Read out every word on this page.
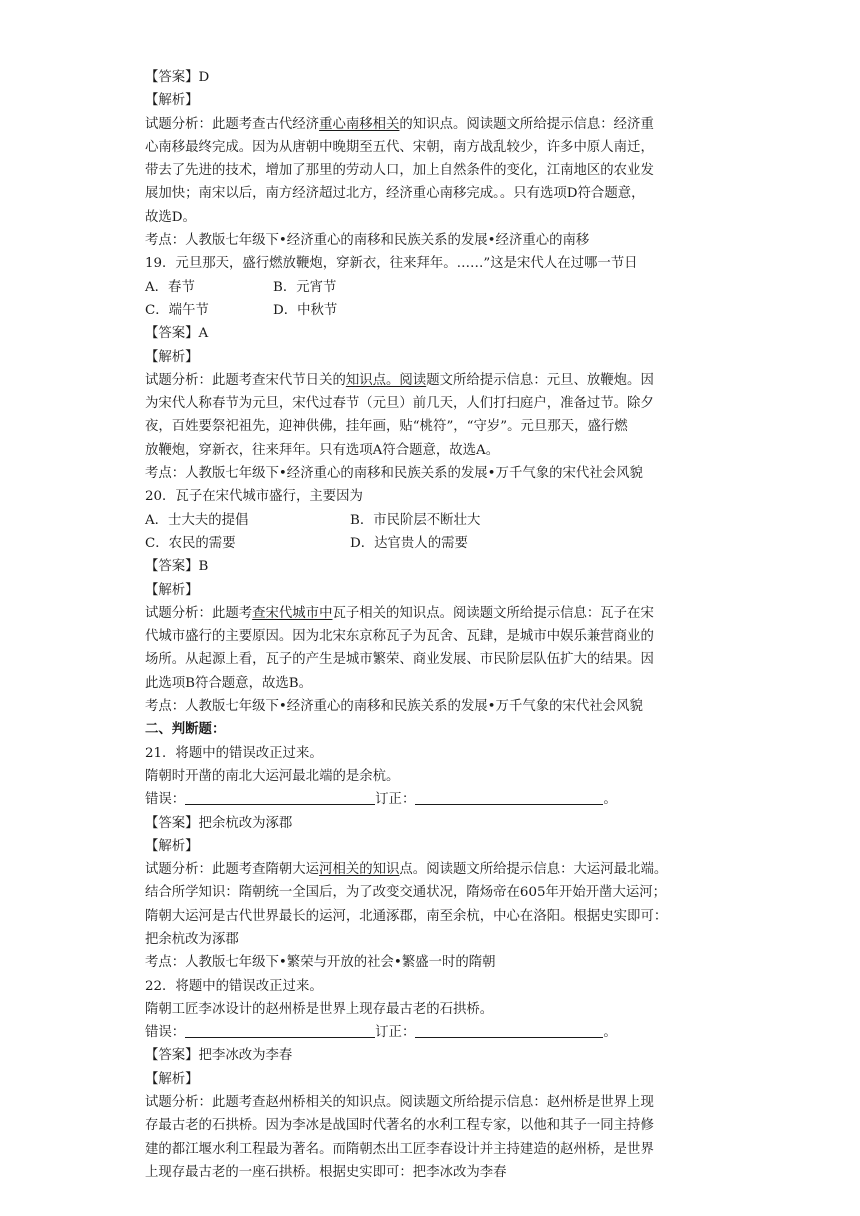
【答案】D
【解析】
试题分析：此题考查古代经济重心南移相关的知识点。阅读题文所给提示信息：经济重
心南移最终完成。因为从唐朝中晚期至五代、宋朝，南方战乱较少，许多中原人南迁，
带去了先进的技术，增加了那里的劳动人口，加上自然条件的变化，江南地区的农业发
展加快；南宋以后，南方经济超过北方，经济重心南移完成。。只有选项D符合题意，
故选D。
考点：人教版七年级下•经济重心的南移和民族关系的发展•经济重心的南移
19．元旦那天，盛行燃放鞭炮，穿新衣，往来拜年。……”这是宋代人在过哪一节日
A．春节	B．元宵节
C．端午节	D．中秋节
【答案】A
【解析】
试题分析：此题考查宋代节日关的知识点。阅读题文所给提示信息：元旦、放鞭炮。因
为宋代人称春节为元旦，宋代过春节（元旦）前几天，人们打扫庭户，准备过节。除夕
夜，百姓要祭祀祖先，迎神供佛，挂年画，贴“桃符”，“守岁”。元旦那天，盛行燃
放鞭炮，穿新衣，往来拜年。只有选项A符合题意，故选A。
考点：人教版七年级下•经济重心的南移和民族关系的发展•万千气象的宋代社会风貌
20．瓦子在宋代城市盛行，主要因为
A．士大夫的提倡	B．市民阶层不断壮大
C．农民的需要	D．达官贵人的需要
【答案】B
【解析】
试题分析：此题考查宋代城市中瓦子相关的知识点。阅读题文所给提示信息：瓦子在宋
代城市盛行的主要原因。因为北宋东京称瓦子为瓦舍、瓦肆，是城市中娱乐兼营商业的
场所。从起源上看，瓦子的产生是城市繁荣、商业发展、市民阶层队伍扩大的结果。因
此选项B符合题意，故选B。
考点：人教版七年级下•经济重心的南移和民族关系的发展•万千气象的宋代社会风貌
二、判断题：
21．将题中的错误改正过来。
隋朝时开凿的南北大运河最北端的是余杭。
错误：	订正：	。
【答案】把余杭改为涿郡
【解析】
试题分析：此题考查隋朝大运河相关的知识点。阅读题文所给提示信息：大运河最北端。
结合所学知识：隋朝统一全国后，为了改变交通状况，隋炀帝在605年开始开凿大运河；
隋朝大运河是古代世界最长的运河，北通涿郡，南至余杭，中心在洛阳。根据史实即可：
把余杭改为涿郡
考点：人教版七年级下•繁荣与开放的社会•繁盛一时的隋朝
22．将题中的错误改正过来。
隋朝工匠李冰设计的赵州桥是世界上现存最古老的石拱桥。
错误：	订正：	。
【答案】把李冰改为李春
【解析】
试题分析：此题考查赵州桥相关的知识点。阅读题文所给提示信息：赵州桥是世界上现
存最古老的石拱桥。因为李冰是战国时代著名的水利工程专家，以他和其子一同主持修
建的都江堰水利工程最为著名。而隋朝杰出工匠李春设计并主持建造的赵州桥，是世界
上现存最古老的一座石拱桥。根据史实即可：把李冰改为李春
